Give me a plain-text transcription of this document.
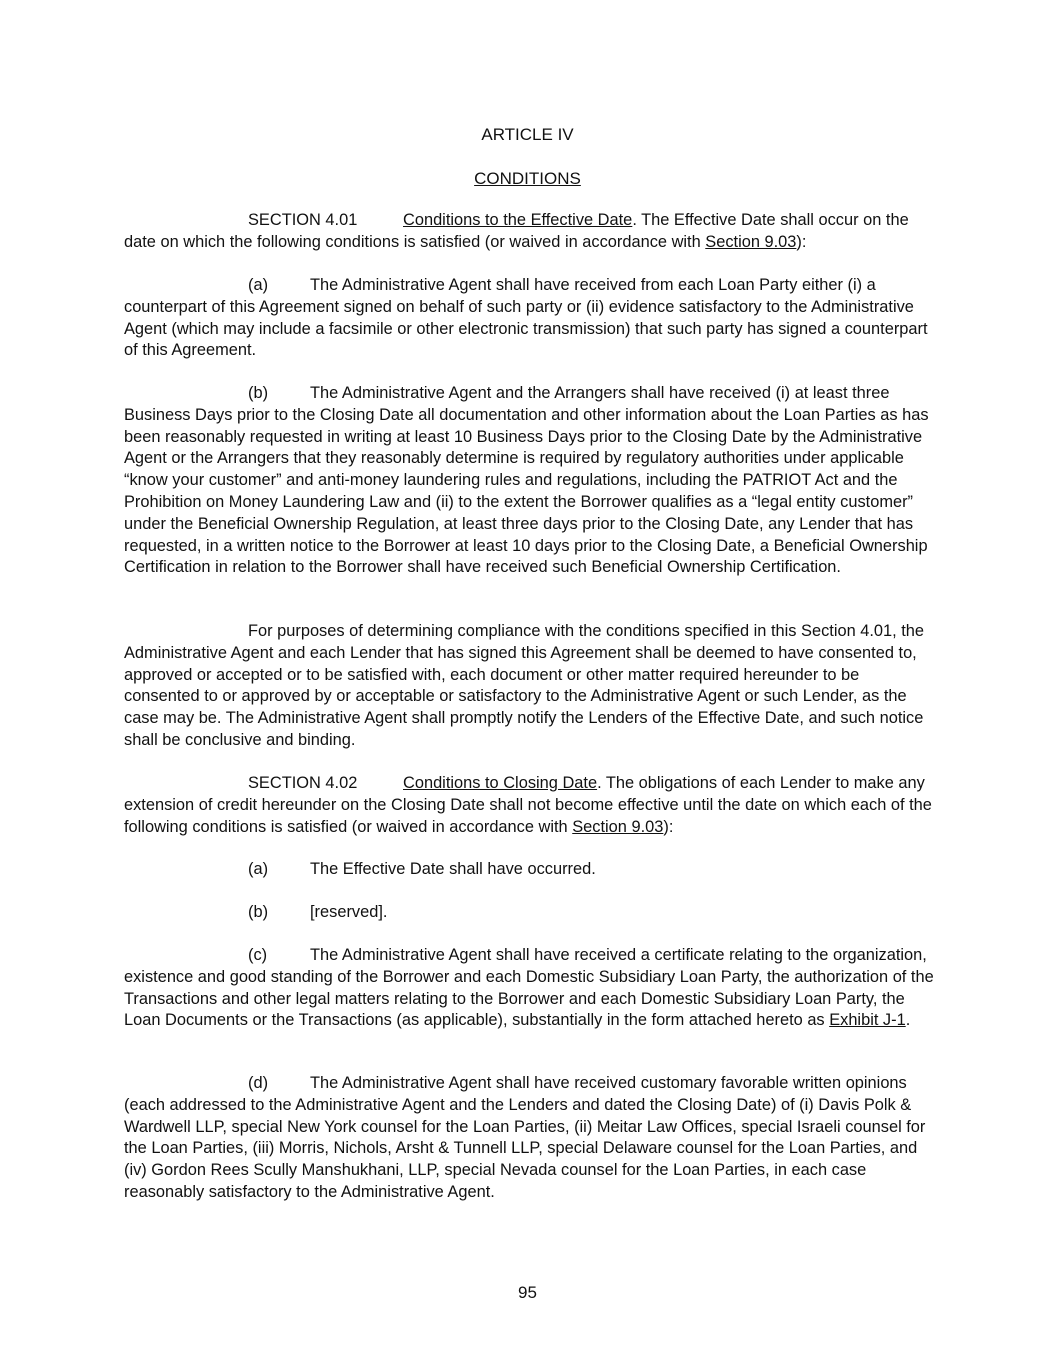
ARTICLE IV
CONDITIONS

SECTION 4.01	Conditions to the Effective Date. The Effective Date shall occur on the date on which the following conditions is satisfied (or waived in accordance with Section 9.03):

(a)	The Administrative Agent shall have received from each Loan Party either (i) a counterpart of this Agreement signed on behalf of such party or (ii) evidence satisfactory to the Administrative Agent (which may include a facsimile or other electronic transmission) that such party has signed a counterpart of this Agreement.

(b)	The Administrative Agent and the Arrangers shall have received (i) at least three Business Days prior to the Closing Date all documentation and other information about the Loan Parties as has been reasonably requested in writing at least 10 Business Days prior to the Closing Date by the Administrative Agent or the Arrangers that they reasonably determine is required by regulatory authorities under applicable “know your customer” and anti-money laundering rules and regulations, including the PATRIOT Act and the Prohibition on Money Laundering Law and (ii) to the extent the Borrower qualifies as a “legal entity customer” under the Beneficial Ownership Regulation, at least three days prior to the Closing Date, any Lender that has requested, in a written notice to the Borrower at least 10 days prior to the Closing Date, a Beneficial Ownership Certification in relation to the Borrower shall have received such Beneficial Ownership Certification.

For purposes of determining compliance with the conditions specified in this Section 4.01, the Administrative Agent and each Lender that has signed this Agreement shall be deemed to have consented to, approved or accepted or to be satisfied with, each document or other matter required hereunder to be consented to or approved by or acceptable or satisfactory to the Administrative Agent or such Lender, as the case may be. The Administrative Agent shall promptly notify the Lenders of the Effective Date, and such notice shall be conclusive and binding.

SECTION 4.02	Conditions to Closing Date. The obligations of each Lender to make any extension of credit hereunder on the Closing Date shall not become effective until the date on which each of the following conditions is satisfied (or waived in accordance with Section 9.03):

(a)	The Effective Date shall have occurred.
(b)	[reserved].

(c)	The Administrative Agent shall have received a certificate relating to the organization, existence and good standing of the Borrower and each Domestic Subsidiary Loan Party, the authorization of the Transactions and other legal matters relating to the Borrower and each Domestic Subsidiary Loan Party, the Loan Documents or the Transactions (as applicable), substantially in the form attached hereto as Exhibit J-1.

(d)	The Administrative Agent shall have received customary favorable written opinions (each addressed to the Administrative Agent and the Lenders and dated the Closing Date) of (i) Davis Polk & Wardwell LLP, special New York counsel for the Loan Parties, (ii) Meitar Law Offices, special Israeli counsel for the Loan Parties, (iii) Morris, Nichols, Arsht & Tunnell LLP, special Delaware counsel for the Loan Parties, and (iv) Gordon Rees Scully Manshukhani, LLP, special Nevada counsel for the Loan Parties, in each case reasonably satisfactory to the Administrative Agent.

95
